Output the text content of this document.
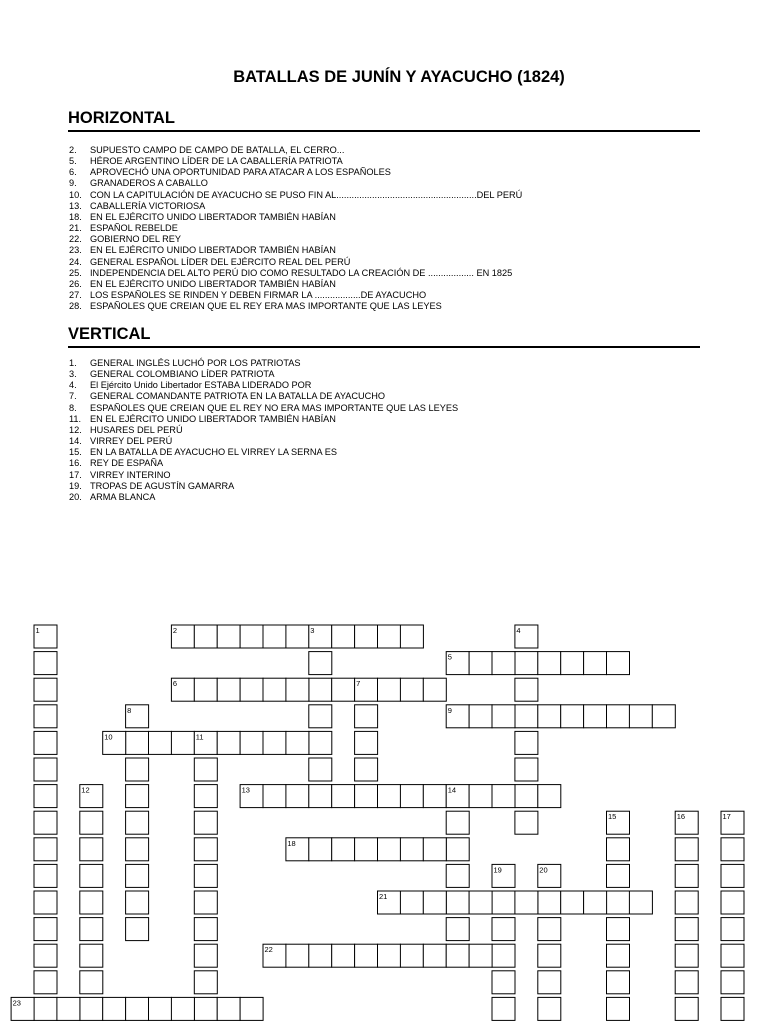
BATALLAS DE JUNÍN Y AYACUCHO (1824)
HORIZONTAL
2. SUPUESTO CAMPO DE CAMPO DE BATALLA, EL CERRO...
5. HÉROE ARGENTINO LÍDER DE LA CABALLERÍA PATRIOTA
6. APROVECHÓ UNA OPORTUNIDAD PARA ATACAR A LOS ESPAÑOLES
9. GRANADEROS A CABALLO
10. CON LA CAPITULACIÓN DE AYACUCHO SE PUSO FIN AL.......................................................DEL PERÚ
13. CABALLERÍA VICTORIOSA
18. EN EL EJÉRCITO UNIDO LIBERTADOR TAMBIÉN HABÍAN
21. ESPAÑOL REBELDE
22. GOBIERNO DEL REY
23. EN EL EJÉRCITO UNIDO LIBERTADOR TAMBIÉN HABÍAN
24. GENERAL ESPAÑOL LÍDER DEL EJÉRCITO REAL DEL PERÚ
25. INDEPENDENCIA DEL ALTO PERÚ DIO COMO RESULTADO LA CREACIÓN DE .................. EN 1825
26. EN EL EJÉRCITO UNIDO LIBERTADOR TAMBIÉN HABÍAN
27. LOS ESPAÑOLES SE RINDEN Y DEBEN FIRMAR LA ..................DE AYACUCHO
28. ESPAÑOLES QUE CREIAN QUE EL REY ERA MAS IMPORTANTE QUE LAS LEYES
VERTICAL
1. GENERAL INGLÉS LUCHÓ POR LOS PATRIOTAS
3. GENERAL COLOMBIANO LÍDER PATRIOTA
4. El Ejército Unido Libertador ESTABA LIDERADO POR
7. GENERAL COMANDANTE PATRIOTA EN LA BATALLA DE AYACUCHO
8. ESPAÑOLES QUE CREIAN QUE EL REY NO ERA MAS IMPORTANTE QUE LAS LEYES
11. EN EL EJÉRCITO UNIDO LIBERTADOR TAMBIÉN HABÍAN
12. HUSARES DEL PERÚ
14. VIRREY DEL PERÚ
15. EN LA BATALLA DE AYACUCHO EL VIRREY LA SERNA ES
16. REY DE ESPAÑA
17. VIRREY INTERINO
19. TROPAS DE AGUSTÍN GAMARRA
20. ARMA BLANCA
1	2	3	4
5
6	7
8	9
10	11
12	13	14
15	16	17
18
19	20
21
22
23
